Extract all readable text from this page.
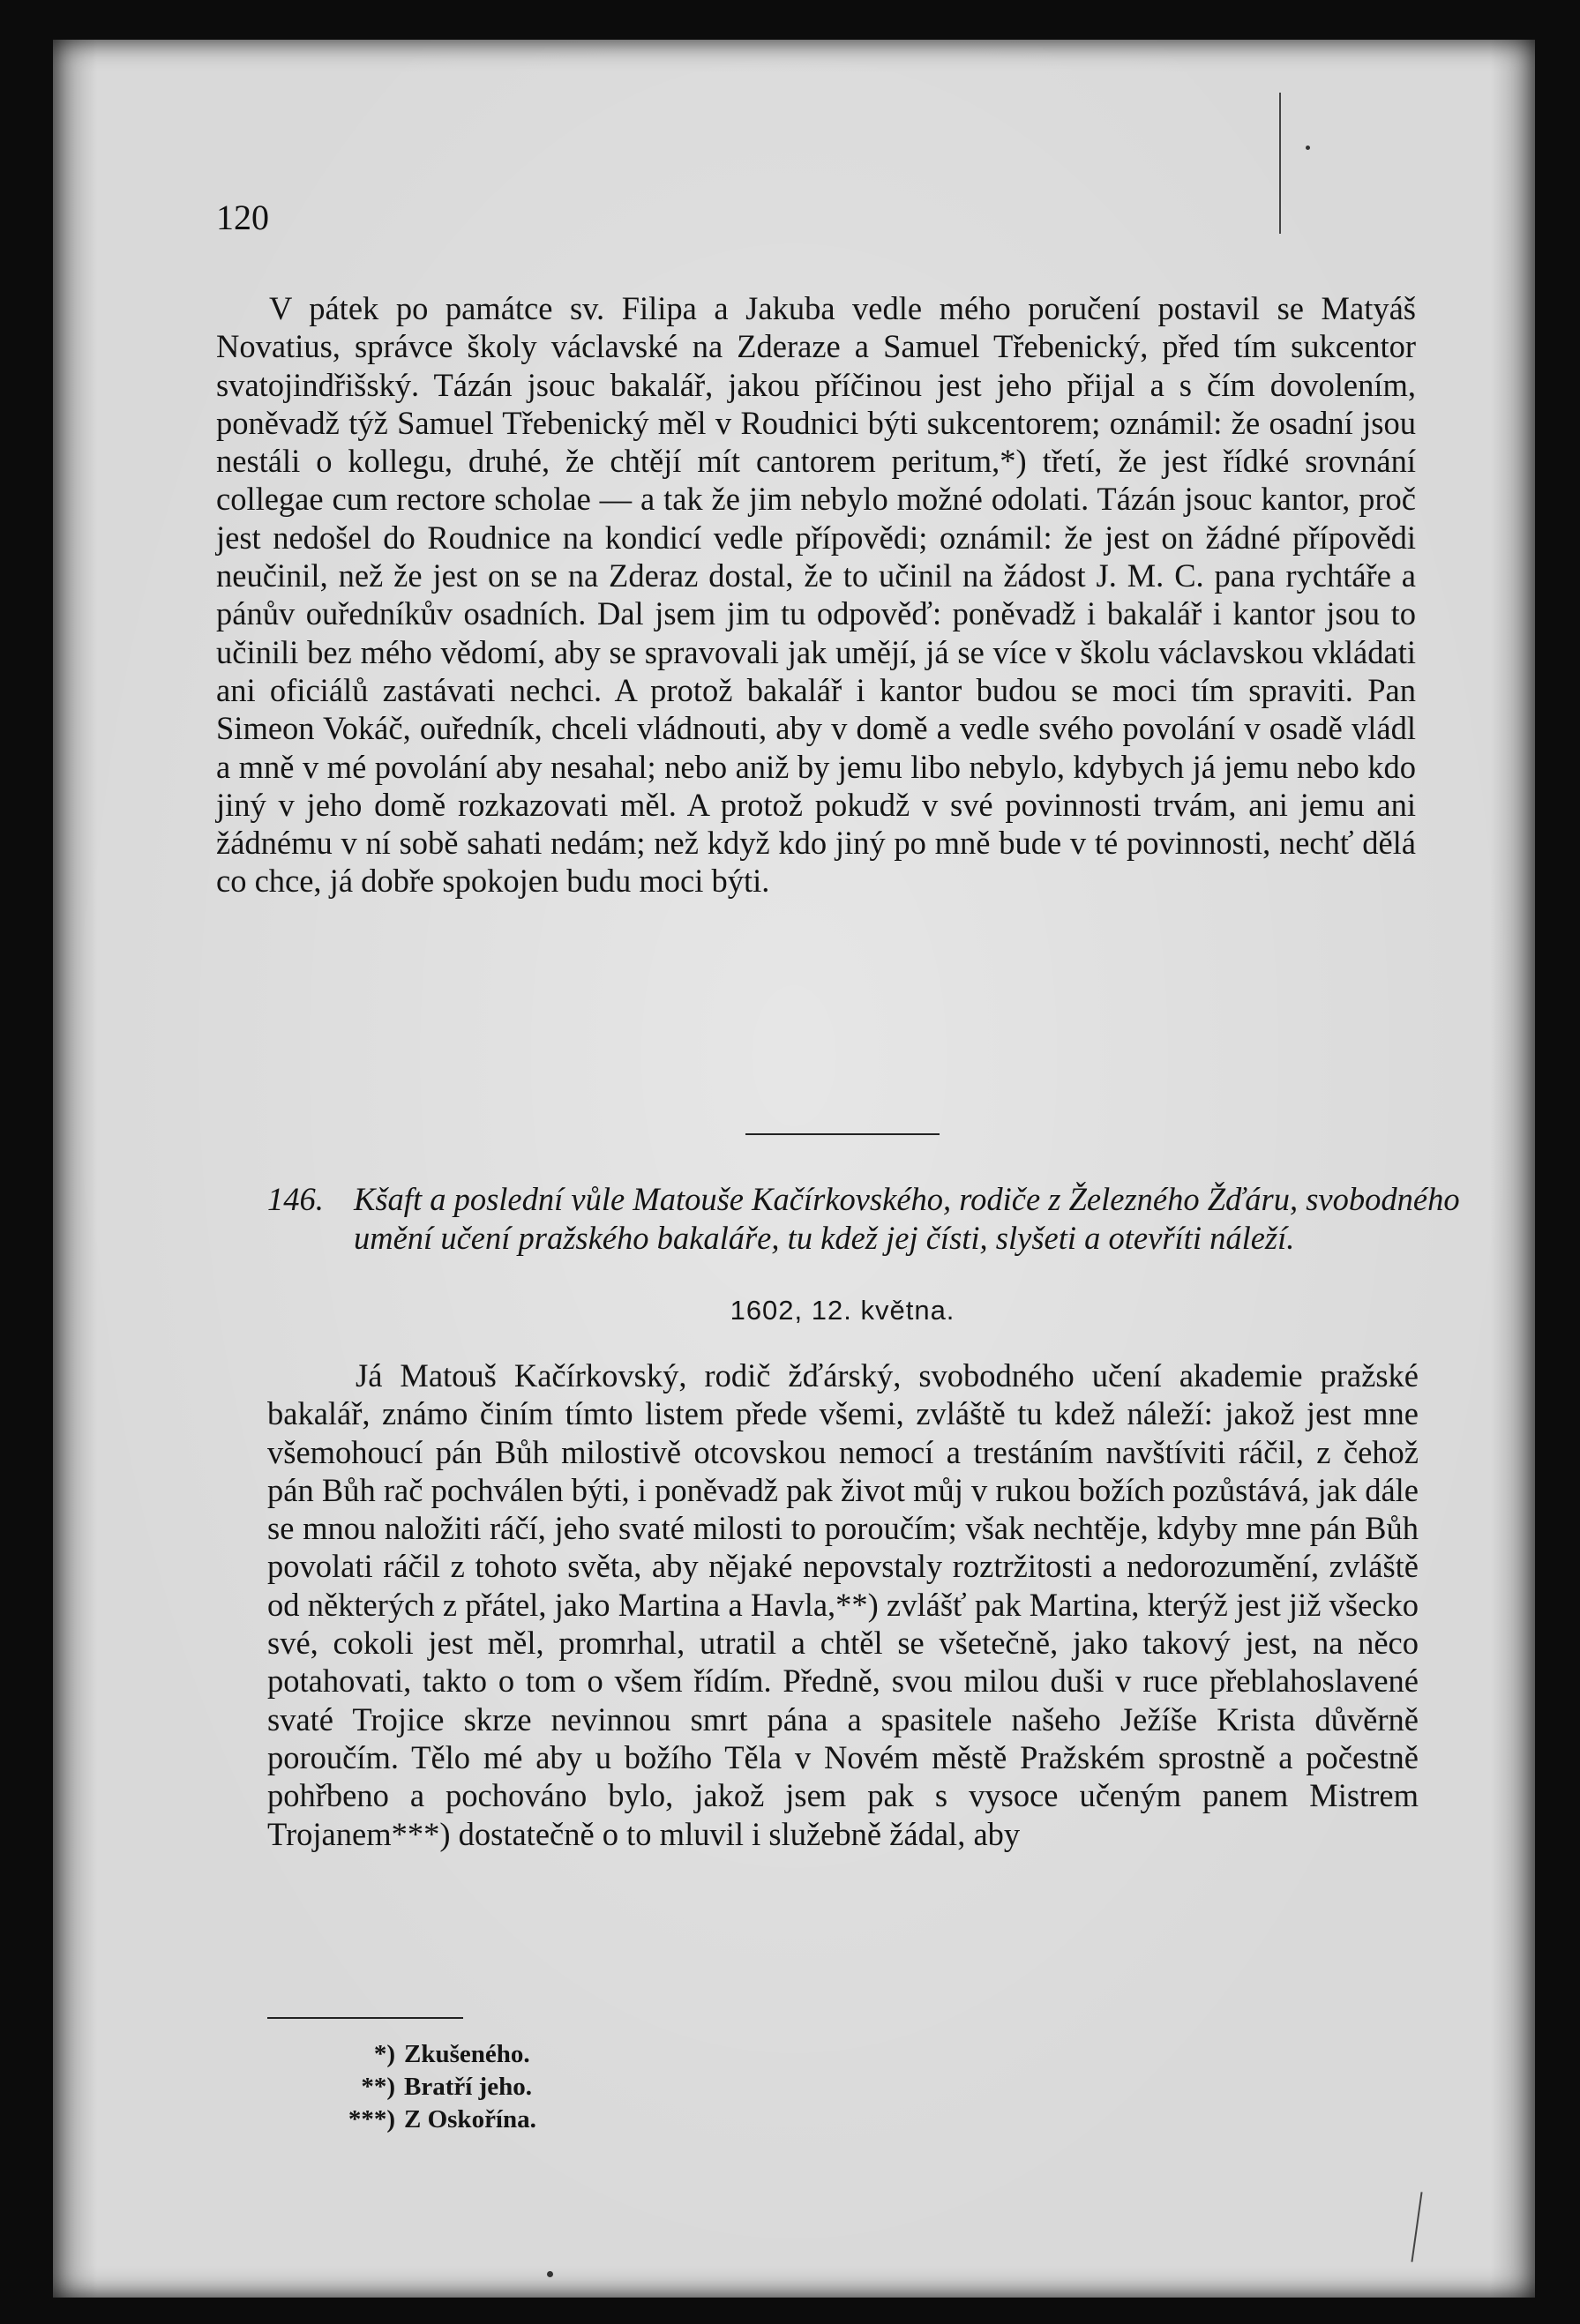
120

V pátek po památce sv. Filipa a Jakuba vedle mého poručení postavil se Matyáš Novatius, správce školy václavské na Zderaze a Samuel Třebenický, před tím sukcentor svatojindřišský. Tázán jsouc bakalář, jakou příčinou jest jeho přijal a s čím dovolením, poněvadž týž Samuel Třebenický měl v Roudnici býti sukcentorem; oznámil: že osadní jsou nestáli o kollegu, druhé, že chtějí mít cantorem peritum,*) třetí, že jest řídké srovnání collegae cum rectore scholae — a tak že jim nebylo možné odolati. Tázán jsouc kantor, proč jest nedošel do Roudnice na kondicí vedle přípovědi; oznámil: že jest on žádné přípovědi neučinil, než že jest on se na Zderaz dostal, že to učinil na žádost J. M. C. pana rychtáře a pánův ouředníkův osadních. Dal jsem jim tu odpověď: poněvadž i bakalář i kantor jsou to učinili bez mého vědomí, aby se spravovali jak umějí, já se více v školu václavskou vkládati ani oficiálů zastávati nechci. A protož bakalář i kantor budou se moci tím spraviti. Pan Simeon Vokáč, ouředník, chceli vládnouti, aby v domě a vedle svého povolání v osadě vládl a mně v mé povolání aby nesahal; nebo aniž by jemu libo nebylo, kdybych já jemu nebo kdo jiný v jeho domě rozkazovati měl. A protož pokudž v své povinnosti trvám, ani jemu ani žádnému v ní sobě sahati nedám; než když kdo jiný po mně bude v té povinnosti, nechť dělá co chce, já dobře spokojen budu moci býti.

146. Kšaft a poslední vůle Matouše Kačírkovského, rodiče z Železného Žďáru, svobodného umění učení pražského bakaláře, tu kdež jej čísti, slyšeti a otevříti náleží.
1602, 12. května.

Já Matouš Kačírkovský, rodič žďárský, svobodného učení akademie pražské bakalář, známo činím tímto listem přede všemi, zvláště tu kdež náleží: jakož jest mne všemohoucí pán Bůh milostivě otcovskou nemocí a trestáním navštíviti ráčil, z čehož pán Bůh rač pochválen býti, i poněvadž pak život můj v rukou božích pozůstává, jak dále se mnou naložiti ráčí, jeho svaté milosti to poroučím; však nechtěje, kdyby mne pán Bůh povolati ráčil z tohoto světa, aby nějaké nepovstaly roztržitosti a nedorozumění, zvláště od některých z přátel, jako Martina a Havla,**) zvlášť pak Martina, kterýž jest již všecko své, cokoli jest měl, promrhal, utratil a chtěl se všetečně, jako takový jest, na něco potahovati, takto o tom o všem řídím. Předně, svou milou duši v ruce přeblahoslavené svaté Trojice skrze nevinnou smrt pána a spasitele našeho Ježíše Krista důvěrně poroučím. Tělo mé aby u božího Těla v Novém městě Pražském sprostně a počestně pohřbeno a pochováno bylo, jakož jsem pak s vysoce učeným panem Mistrem Trojanem***) dostatečně o to mluvil i služebně žádal, aby

*) Zkušeného.
**) Bratří jeho.
***) Z Oskořína.
